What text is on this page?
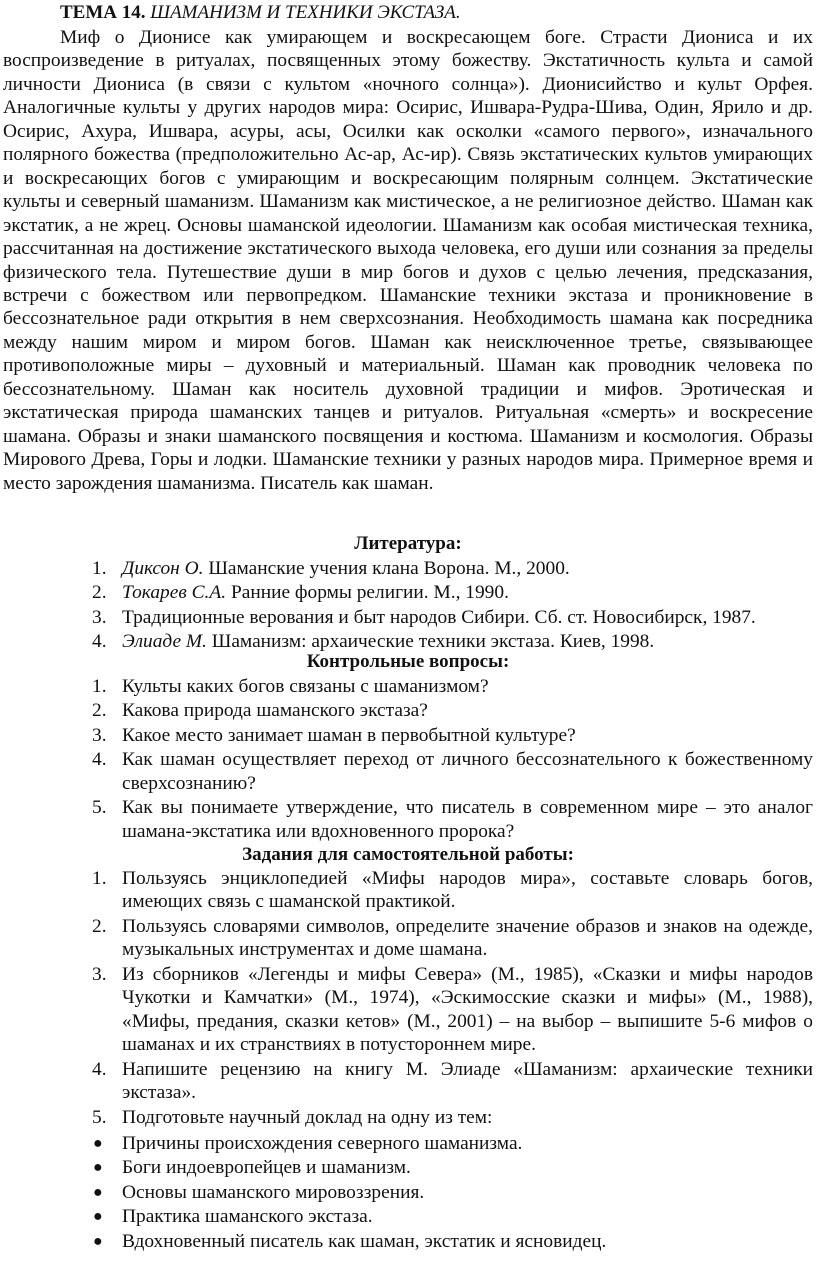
ТЕМА 14. ШАМАНИЗМ И ТЕХНИКИ ЭКСТАЗА.

Миф о Дионисе как умирающем и воскресающем боге. Страсти Диониса и их воспроизведение в ритуалах, посвященных этому божеству. Экстатичность культа и самой личности Диониса (в связи с культом «ночного солнца»). Дионисийство и культ Орфея. Аналогичные культы у других народов мира: Осирис, Ишвара-Рудра-Шива, Один, Ярило и др. Осирис, Ахура, Ишвара, асуры, асы, Осилки как осколки «самого первого», изначального полярного божества (предположительно Ас-ар, Ас-ир). Связь экстатических культов умирающих и воскресающих богов с умирающим и воскресающим полярным солнцем. Экстатические культы и северный шаманизм. Шаманизм как мистическое, а не религиозное действо. Шаман как экстатик, а не жрец. Основы шаманской идеологии. Шаманизм как особая мистическая техника, рассчитанная на достижение экстатического выхода человека, его души или сознания за пределы физического тела. Путешествие души в мир богов и духов с целью лечения, предсказания, встречи с божеством или первопредком. Шаманские техники экстаза и проникновение в бессознательное ради открытия в нем сверхсознания. Необходимость шамана как посредника между нашим миром и миром богов. Шаман как неисключенное третье, связывающее противоположные миры – духовный и материальный. Шаман как проводник человека по бессознательному. Шаман как носитель духовной традиции и мифов. Эротическая и экстатическая природа шаманских танцев и ритуалов. Ритуальная «смерть» и воскресение шамана. Образы и знаки шаманского посвящения и костюма. Шаманизм и космология. Образы Мирового Древа, Горы и лодки. Шаманские техники у разных народов мира. Примерное время и место зарождения шаманизма. Писатель как шаман.

Литература:

1. Диксон О. Шаманские учения клана Ворона. М., 2000.
2. Токарев С.А. Ранние формы религии. М., 1990.
3. Традиционные верования и быт народов Сибири. Сб. ст. Новосибирск, 1987.
4. Элиаде М. Шаманизм: архаические техники экстаза. Киев, 1998.

Контрольные вопросы:

1. Культы каких богов связаны с шаманизмом?
2. Какова природа шаманского экстаза?
3. Какое место занимает шаман в первобытной культуре?
4. Как шаман осуществляет переход от личного бессознательного к божественному сверхсознанию?
5. Как вы понимаете утверждение, что писатель в современном мире – это аналог шамана-экстатика или вдохновенного пророка?

Задания для самостоятельной работы:

1. Пользуясь энциклопедией «Мифы народов мира», составьте словарь богов, имеющих связь с шаманской практикой.
2. Пользуясь словарями символов, определите значение образов и знаков на одежде, музыкальных инструментах и доме шамана.
3. Из сборников «Легенды и мифы Севера» (М., 1985), «Сказки и мифы народов Чукотки и Камчатки» (М., 1974), «Эскимосские сказки и мифы» (М., 1988), «Мифы, предания, сказки кетов» (М., 2001) – на выбор – выпишите 5-6 мифов о шаманах и их странствиях в потустороннем мире.
4. Напишите рецензию на книгу М. Элиаде «Шаманизм: архаические техники экстаза».
5. Подготовьте научный доклад на одну из тем:
● Причины происхождения северного шаманизма.
● Боги индоевропейцев и шаманизм.
● Основы шаманского мировоззрения.
● Практика шаманского экстаза.
● Вдохновенный писатель как шаман, экстатик и ясновидец.
